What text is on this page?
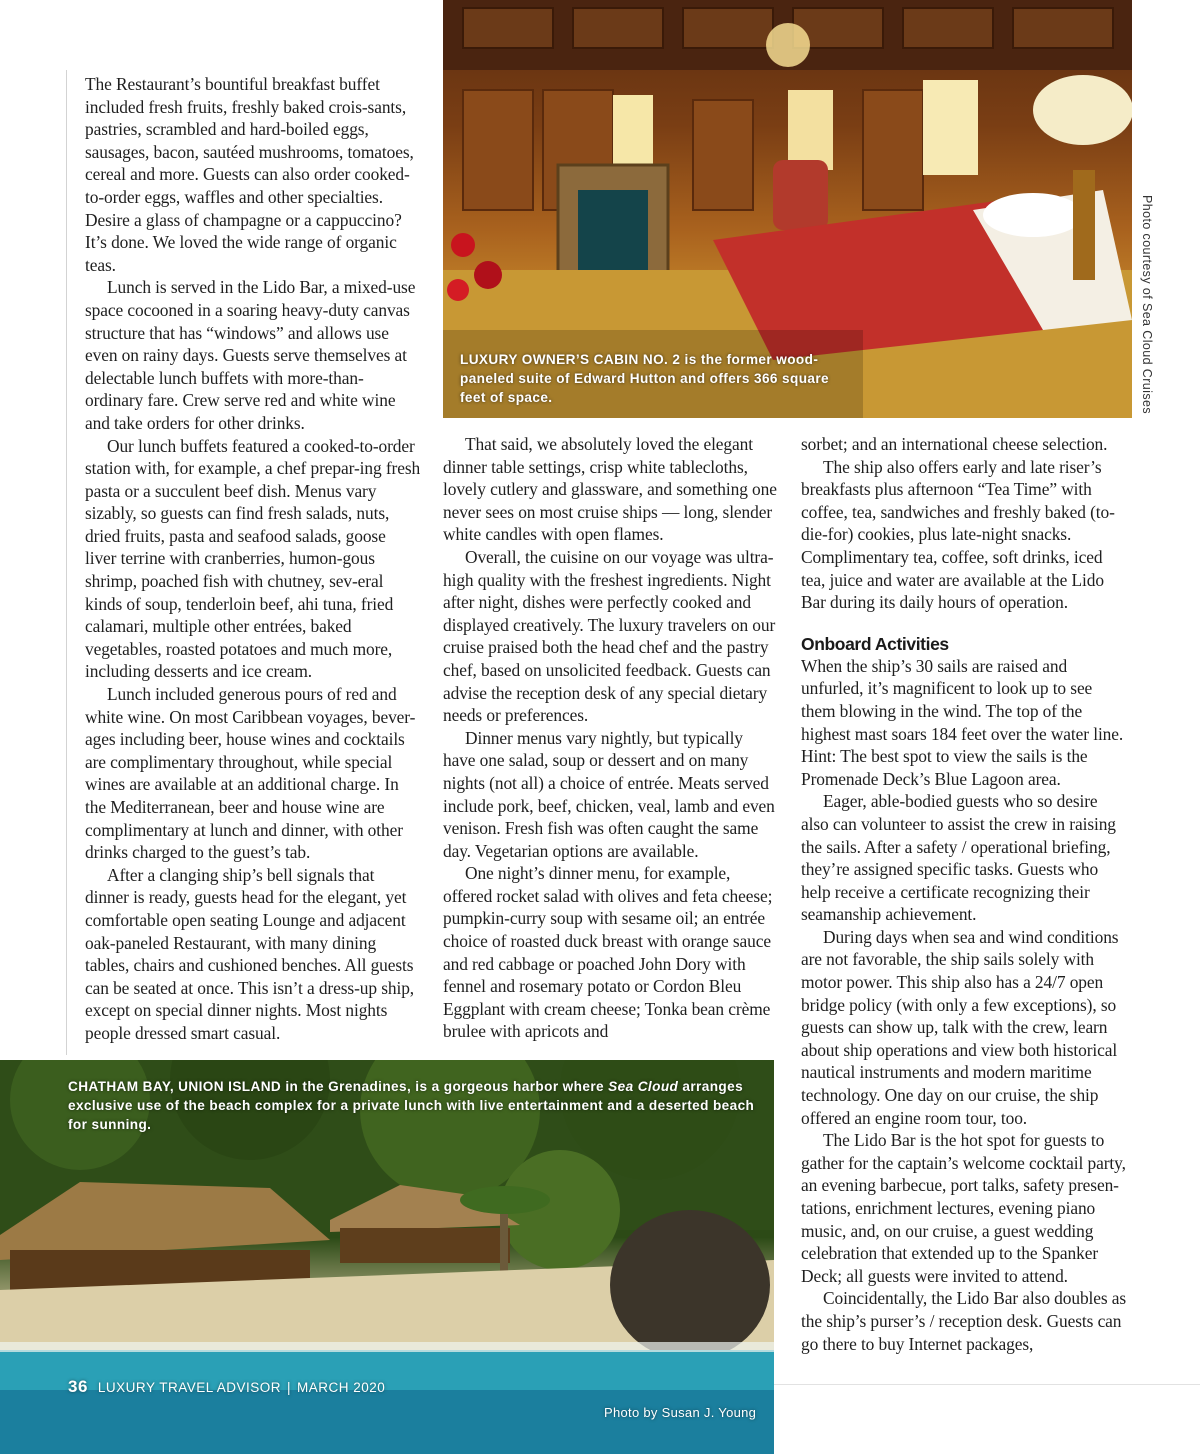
LUXURY OWNER’S CABIN NO. 2 is the former wood-paneled suite of Edward Hutton and offers 366 square feet of space.	Photo courtesy of Sea Cloud Cruises

The Restaurant’s bountiful breakfast buffet included fresh fruits, freshly baked crois-sants, pastries, scrambled and hard-boiled eggs, sausages, bacon, sautéed mushrooms, tomatoes, cereal and more. Guests can also order cooked-to-order eggs, waffles and other specialties. Desire a glass of champagne or a cappuccino? It’s done. We loved the wide range of organic teas.

Lunch is served in the Lido Bar, a mixed-use space cocooned in a soaring heavy-duty canvas structure that has “windows” and allows use even on rainy days. Guests serve themselves at delectable lunch buffets with more-than-ordinary fare. Crew serve red and white wine and take orders for other drinks.

Our lunch buffets featured a cooked-to-order station with, for example, a chef prepar-ing fresh pasta or a succulent beef dish. Menus vary sizably, so guests can find fresh salads, nuts, dried fruits, pasta and seafood salads, goose liver terrine with cranberries, humon-gous shrimp, poached fish with chutney, sev-eral kinds of soup, tenderloin beef, ahi tuna, fried calamari, multiple other entrées, baked vegetables, roasted potatoes and much more, including desserts and ice cream.

Lunch included generous pours of red and white wine. On most Caribbean voyages, bever-ages including beer, house wines and cocktails are complimentary throughout, while special wines are available at an additional charge. In the Mediterranean, beer and house wine are complimentary at lunch and dinner, with other drinks charged to the guest’s tab.

After a clanging ship’s bell signals that dinner is ready, guests head for the elegant, yet comfortable open seating Lounge and adjacent oak-paneled Restaurant, with many dining tables, chairs and cushioned benches. All guests can be seated at once. This isn’t a dress-up ship, except on special dinner nights. Most nights people dressed smart casual.

That said, we absolutely loved the elegant dinner table settings, crisp white tablecloths, lovely cutlery and glassware, and something one never sees on most cruise ships — long, slender white candles with open flames.

Overall, the cuisine on our voyage was ultra-high quality with the freshest ingredients. Night after night, dishes were perfectly cooked and displayed creatively. The luxury travelers on our cruise praised both the head chef and the pastry chef, based on unsolicited feedback. Guests can advise the reception desk of any special dietary needs or preferences.

Dinner menus vary nightly, but typically have one salad, soup or dessert and on many nights (not all) a choice of entrée. Meats served include pork, beef, chicken, veal, lamb and even venison. Fresh fish was often caught the same day. Vegetarian options are available.

One night’s dinner menu, for example, offered rocket salad with olives and feta cheese; pumpkin-curry soup with sesame oil; an entrée choice of roasted duck breast with orange sauce and red cabbage or poached John Dory with fennel and rosemary potato or Cordon Bleu Eggplant with cream cheese; Tonka bean crème brulee with apricots and

sorbet; and an international cheese selection.

The ship also offers early and late riser’s breakfasts plus afternoon “Tea Time” with coffee, tea, sandwiches and freshly baked (to-die-for) cookies, plus late-night snacks. Complimentary tea, coffee, soft drinks, iced tea, juice and water are available at the Lido Bar during its daily hours of operation.

Onboard Activities

When the ship’s 30 sails are raised and unfurled, it’s magnificent to look up to see them blowing in the wind. The top of the highest mast soars 184 feet over the water line. Hint: The best spot to view the sails is the Promenade Deck’s Blue Lagoon area.

Eager, able-bodied guests who so desire also can volunteer to assist the crew in raising the sails. After a safety / operational briefing, they’re assigned specific tasks. Guests who help receive a certificate recognizing their seamanship achievement.

During days when sea and wind conditions are not favorable, the ship sails solely with motor power. This ship also has a 24/7 open bridge policy (with only a few exceptions), so guests can show up, talk with the crew, learn about ship operations and view both historical nautical instruments and modern maritime technology. One day on our cruise, the ship offered an engine room tour, too.

The Lido Bar is the hot spot for guests to gather for the captain’s welcome cocktail party, an evening barbecue, port talks, safety presen-tations, enrichment lectures, evening piano music, and, on our cruise, a guest wedding celebration that extended up to the Spanker Deck; all guests were invited to attend.

Coincidentally, the Lido Bar also doubles as the ship’s purser’s / reception desk. Guests can go there to buy Internet packages,

CHATHAM BAY, UNION ISLAND in the Grenadines, is a gorgeous harbor where Sea Cloud arranges exclusive use of the beach complex for a private lunch with live entertainment and a deserted beach for sunning.
36 LUXURY TRAVEL ADVISOR | MARCH 2020
Photo by Susan J. Young
